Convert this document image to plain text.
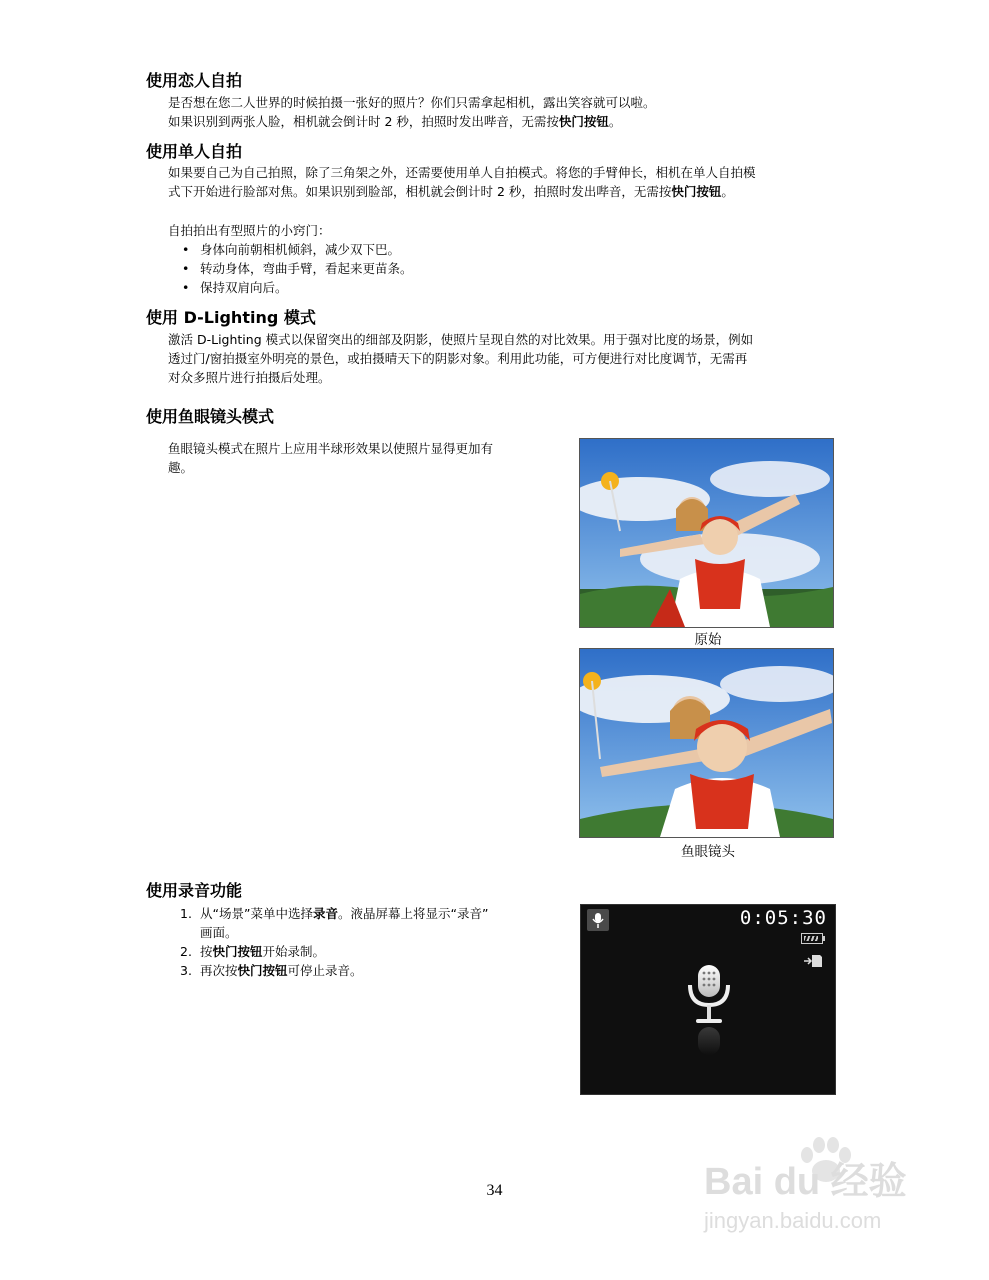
使用恋人自拍
是否想在您二人世界的时候拍摄一张好的照片？你们只需拿起相机，露出笑容就可以啦。
如果识别到两张人脸，相机就会倒计时 2 秒，拍照时发出哔音，无需按快门按钮。
使用单人自拍
如果要自己为自己拍照，除了三角架之外，还需要使用单人自拍模式。将您的手臂伸长，相机在单人自拍模
式下开始进行脸部对焦。如果识别到脸部，相机就会倒计时 2 秒，拍照时发出哔音，无需按快门按钮。
自拍拍出有型照片的小窍门：
• 身体向前朝相机倾斜，减少双下巴。
• 转动身体，弯曲手臂，看起来更苗条。
• 保持双肩向后。
使用 D-Lighting 模式
激活 D-Lighting 模式以保留突出的细部及阴影，使照片呈现自然的对比效果。用于强对比度的场景，例如
透过门/窗拍摄室外明亮的景色，或拍摄晴天下的阴影对象。利用此功能，可方便进行对比度调节，无需再
对众多照片进行拍摄后处理。
使用鱼眼镜头模式
鱼眼镜头模式在照片上应用半球形效果以使照片显得更加有
趣。
原始
鱼眼镜头
使用录音功能
1. 从“场景”菜单中选择录音。液晶屏幕上将显示“录音”
画面。
2. 按快门按钮开始录制。
3. 再次按快门按钮可停止录音。
0:05:30
34	Bai du 经验
jingyan.baidu.com
